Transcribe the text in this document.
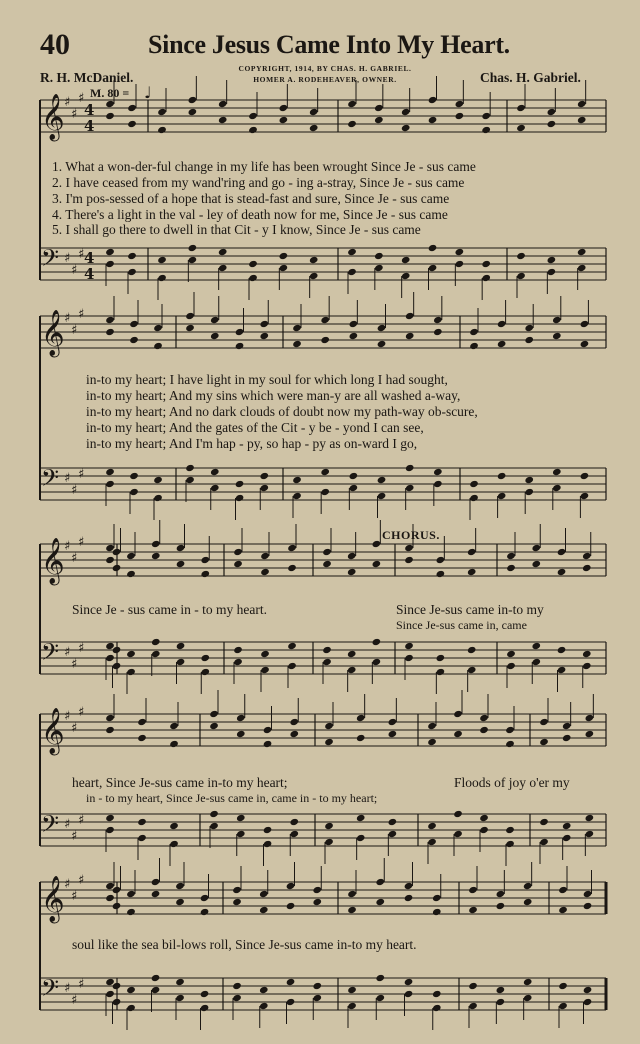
40	Since Jesus Came Into My Heart.
R. H. McDaniel.	Chas. H. Gabriel.
COPYRIGHT, 1914, BY CHAS. H. GABRIEL.
HOMER A. RODEHEAVER, OWNER.
M. 80 =
𝄞 ♯
♯
♯
𝄢 ♯
♯
♯
𝄞 ♯
♯
♯
𝄢 ♯
♯
♯
𝄞 ♯
♯
♯
𝄢 ♯
♯
♯
𝄞 ♯
♯
♯
𝄢 ♯
♯
♯
𝄞 ♯
♯
♯
𝄢 ♯
♯
♯
4
4
4
4
♩
1. What a won-der-ful change in my life has been wrought Since Je - sus came
2. I have ceased from my wand'ring and go - ing a-stray, Since Je - sus came
3. I'm pos-sessed of a hope that is stead-fast and sure, Since Je - sus came
4. There's a light in the val - ley of death now for me, Since Je - sus came
5. I shall go there to dwell in that Cit - y I know, Since Je - sus came
in-to my heart; I have light in my soul for which long I had sought,
in-to my heart; And my sins which were man-y are all washed a-way,
in-to my heart; And no dark clouds of doubt now my path-way ob-scure,
in-to my heart; And the gates of the Cit - y be - yond I can see,
in-to my heart; And I'm hap - py, so hap - py as on-ward I go,
CHORUS.
Since Je - sus came in - to my heart.	Since Je-sus came in-to my
Since Je-sus came in, came
heart, Since Je-sus came in-to my heart;	Floods of joy o'er my
in - to my heart, Since Je-sus came in, came in - to my heart;
soul like the sea bil-lows roll, Since Je-sus came in-to my heart.
